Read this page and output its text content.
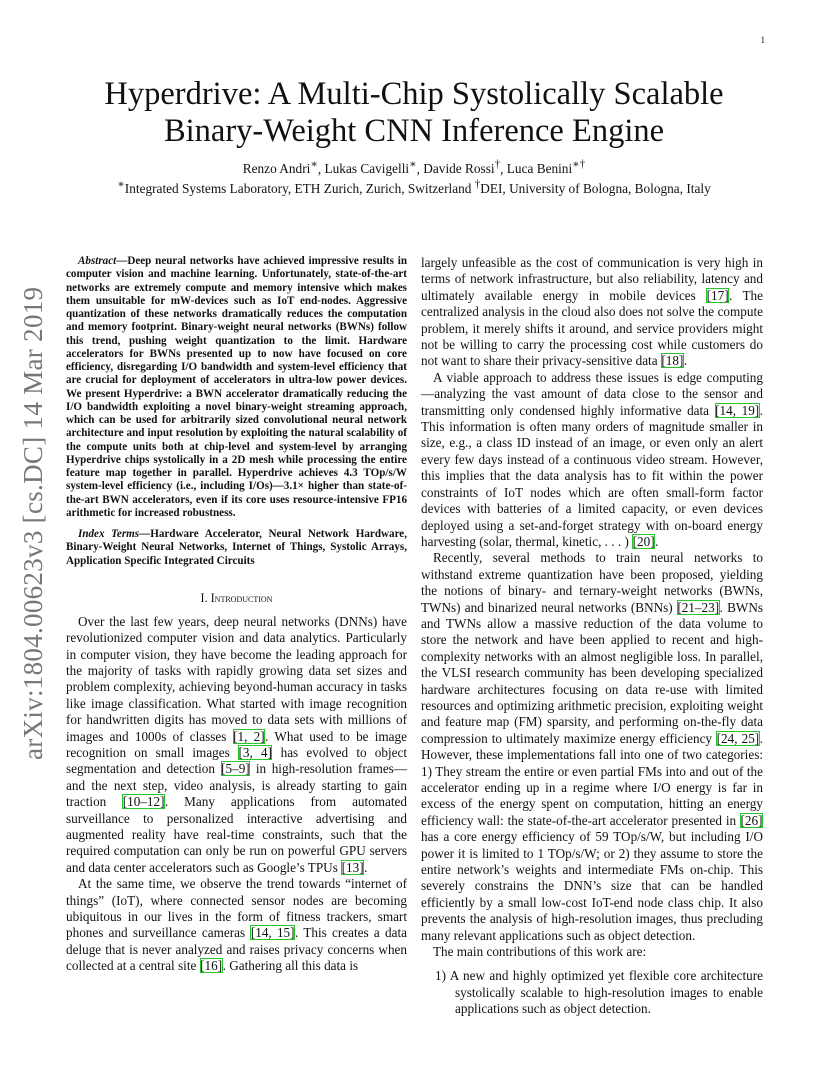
1
arXiv:1804.00623v3 [cs.DC] 14 Mar 2019
Hyperdrive: A Multi-Chip Systolically Scalable
Binary-Weight CNN Inference Engine
Renzo Andri∗, Lukas Cavigelli∗, Davide Rossi†, Luca Benini∗†
∗Integrated Systems Laboratory, ETH Zurich, Zurich, Switzerland †DEI, University of Bologna, Bologna, Italy

Abstract—Deep neural networks have achieved impressive results in computer vision and machine learning. Unfortunately, state-of-the-art networks are extremely compute and memory intensive which makes them unsuitable for mW-devices such as IoT end-nodes. Aggressive quantization of these networks dramatically reduces the computation and memory footprint. Binary-weight neural networks (BWNs) follow this trend, pushing weight quantization to the limit. Hardware accelerators for BWNs presented up to now have focused on core efficiency, disregarding I/O bandwidth and system-level efficiency that are crucial for deployment of accelerators in ultra-low power devices. We present Hyperdrive: a BWN accelerator dramatically reducing the I/O bandwidth exploiting a novel binary-weight streaming approach, which can be used for arbitrarily sized convolutional neural network architecture and input resolution by exploiting the natural scalability of the compute units both at chip-level and system-level by arranging Hyperdrive chips systolically in a 2D mesh while processing the entire feature map together in parallel. Hyperdrive achieves 4.3 TOp/s/W system-level efficiency (i.e., including I/Os)—3.1× higher than state-of-the-art BWN accelerators, even if its core uses resource-intensive FP16 arithmetic for increased robustness.

Index Terms—Hardware Accelerator, Neural Network Hardware, Binary-Weight Neural Networks, Internet of Things, Systolic Arrays, Application Specific Integrated Circuits

I. Introduction

Over the last few years, deep neural networks (DNNs) have revolutionized computer vision and data analytics. Particularly in computer vision, they have become the leading approach for the majority of tasks with rapidly growing data set sizes and problem complexity, achieving beyond-human accuracy in tasks like image classification. What started with image recognition for handwritten digits has moved to data sets with millions of images and 1000s of classes [1, 2]. What used to be image recognition on small images [3, 4] has evolved to object segmentation and detection [5–9] in high-resolution frames—and the next step, video analysis, is already starting to gain traction [10–12]. Many applications from automated surveillance to personalized interactive advertising and augmented reality have real-time constraints, such that the required computation can only be run on powerful GPU servers and data center accelerators such as Google’s TPUs [13].

At the same time, we observe the trend towards “internet of things” (IoT), where connected sensor nodes are becoming ubiquitous in our lives in the form of fitness trackers, smart phones and surveillance cameras [14, 15]. This creates a data deluge that is never analyzed and raises privacy concerns when collected at a central site [16]. Gathering all this data is

largely unfeasible as the cost of communication is very high in terms of network infrastructure, but also reliability, latency and ultimately available energy in mobile devices [17]. The centralized analysis in the cloud also does not solve the compute problem, it merely shifts it around, and service providers might not be willing to carry the processing cost while customers do not want to share their privacy-sensitive data [18].

A viable approach to address these issues is edge computing—analyzing the vast amount of data close to the sensor and transmitting only condensed highly informative data [14, 19]. This information is often many orders of magnitude smaller in size, e.g., a class ID instead of an image, or even only an alert every few days instead of a continuous video stream. However, this implies that the data analysis has to fit within the power constraints of IoT nodes which are often small-form factor devices with batteries of a limited capacity, or even devices deployed using a set-and-forget strategy with on-board energy harvesting (solar, thermal, kinetic, . . . ) [20].

Recently, several methods to train neural networks to withstand extreme quantization have been proposed, yielding the notions of binary- and ternary-weight networks (BWNs, TWNs) and binarized neural networks (BNNs) [21–23]. BWNs and TWNs allow a massive reduction of the data volume to store the network and have been applied to recent and high-complexity networks with an almost negligible loss. In parallel, the VLSI research community has been developing specialized hardware architectures focusing on data re-use with limited resources and optimizing arithmetic precision, exploiting weight and feature map (FM) sparsity, and performing on-the-fly data compression to ultimately maximize energy efficiency [24, 25]. However, these implementations fall into one of two categories: 1) They stream the entire or even partial FMs into and out of the accelerator ending up in a regime where I/O energy is far in excess of the energy spent on computation, hitting an energy efficiency wall: the state-of-the-art accelerator presented in [26] has a core energy efficiency of 59 TOp/s/W, but including I/O power it is limited to 1 TOp/s/W; or 2) they assume to store the entire network’s weights and intermediate FMs on-chip. This severely constrains the DNN’s size that can be handled efficiently by a small low-cost IoT-end node class chip. It also prevents the analysis of high-resolution images, thus precluding many relevant applications such as object detection.

The main contributions of this work are:

1) A new and highly optimized yet flexible core architecture systolically scalable to high-resolution images to enable applications such as object detection.
